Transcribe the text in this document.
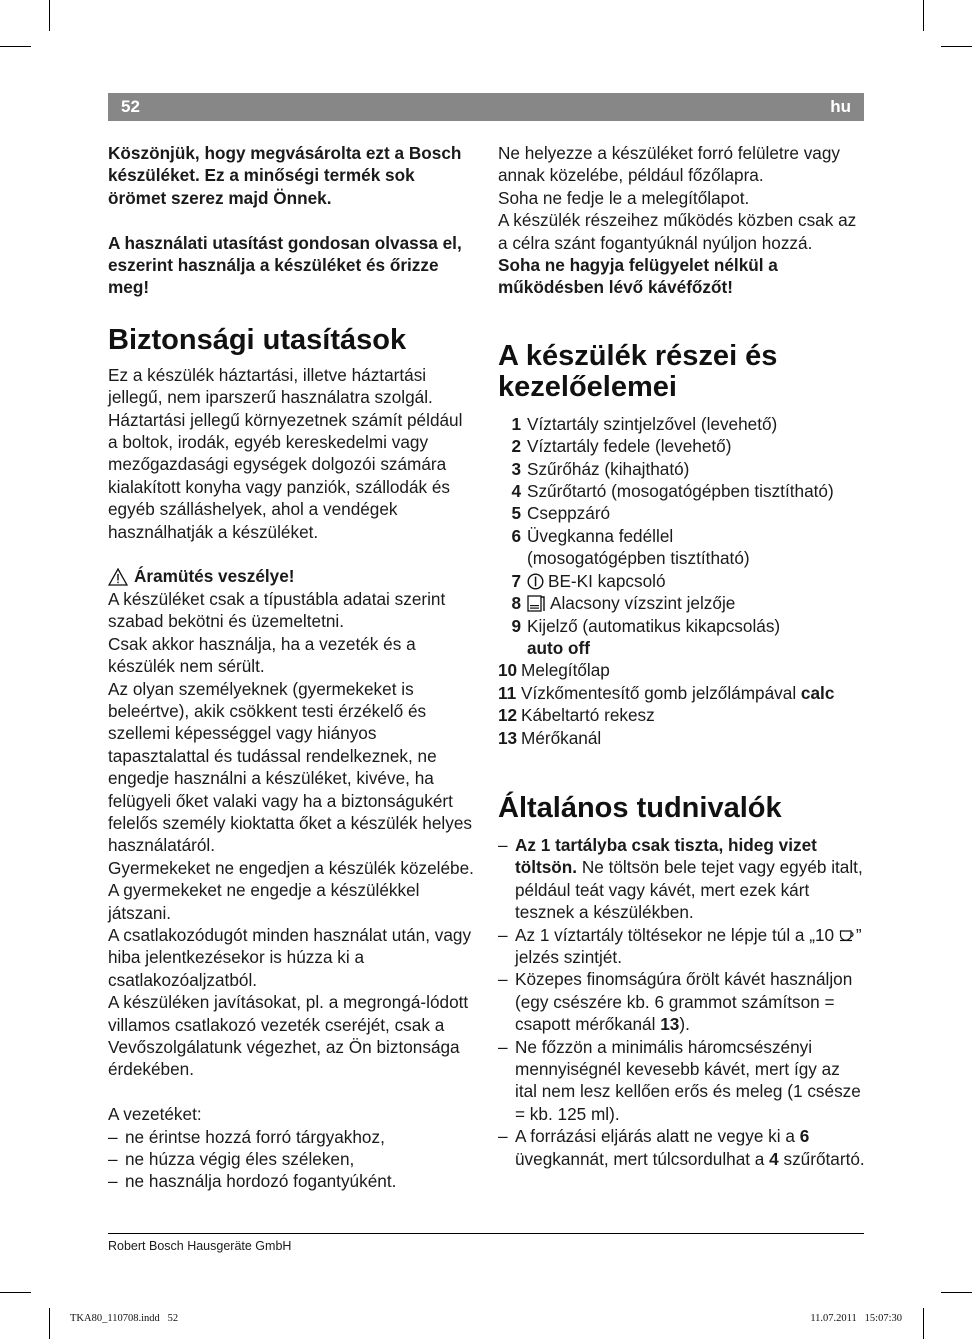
52	hu

Köszönjük, hogy megvásárolta ezt a Bosch készüléket. Ez a minőségi termék sok örömet szerez majd Önnek.

A használati utasítást gondosan olvassa el, eszerint használja a készüléket és őrizze meg!

Biztonsági utasítások

Ez a készülék háztartási, illetve háztartási jellegű, nem iparszerű használatra szolgál. Háztartási jellegű környezetnek számít például a boltok, irodák, egyéb kereskedelmi vagy mezőgazdasági egységek dolgozói számára kialakított konyha vagy panziók, szállodák és egyéb szálláshelyek, ahol a vendégek használhatják a készüléket.

Áramütés veszélye!

A készüléket csak a típustábla adatai szerint szabad bekötni és üzemeltetni.

Csak akkor használja, ha a vezeték és a készülék nem sérült.

Az olyan személyeknek (gyermekeket is beleértve), akik csökkent testi érzékelő és szellemi képességgel vagy hiányos tapasztalattal és tudással rendelkeznek, ne engedje használni a készüléket, kivéve, ha felügyeli őket valaki vagy ha a biztonságukért felelős személy kioktatta őket a készülék helyes használatáról.

Gyermekeket ne engedjen a készülék közelébe. A gyermekeket ne engedje a készülékkel játszani.

A csatlakozódugót minden használat után, vagy hiba jelentkezésekor is húzza ki a csatlakozóaljzatból.

A készüléken javításokat, pl. a megrongá-lódott villamos csatlakozó vezeték cseréjét, csak a Vevőszolgálatunk végezhet, az Ön biztonsága érdekében.

A vezetéket:

– ne érintse hozzá forró tárgyakhoz,
– ne húzza végig éles széleken,
– ne használja hordozó fogantyúként.

Ne helyezze a készüléket forró felületre vagy annak közelébe, például főzőlapra.

Soha ne fedje le a melegítőlapot.

A készülék részeihez működés közben csak az a célra szánt fogantyúknál nyúljon hozzá.

Soha ne hagyja felügyelet nélkül a működésben lévő kávéfőzőt!

A készülék részei és kezelőelemei
1 Víztartály szintjelzővel (levehető)
2 Víztartály fedele (levehető)
3 Szűrőház (kihajtható)
4 Szűrőtartó (mosogatógépben tisztítható)
5 Cseppzáró
6 Üvegkanna fedéllel
(mosogatógépben tisztítható)
7	BE-KI kapcsoló
8	Alacsony vízszint jelzője
9 Kijelző (automatikus kikapcsolás)
auto off
10 Melegítőlap
11 Vízkőmentesítő gomb jelzőlámpával calc
12 Kábeltartó rekesz
13 Mérőkanál
Általános tudnivalók
– Az 1 tartályba csak tiszta, hideg vizet töltsön. Ne töltsön bele tejet vagy egyéb italt, például teát vagy kávét, mert ezek kárt tesznek a készülékben.
– Az 1 víztartály töltésekor ne lépje túl a „10 ” jelzés szintjét.
– Közepes finomságúra őrölt kávét használjon (egy csészére kb. 6 grammot számítson = csapott mérőkanál 13).
– Ne főzzön a minimális háromcsészényi mennyiségnél kevesebb kávét, mert így az ital nem lesz kellően erős és meleg (1 csésze = kb. 125 ml).
– A forrázási eljárás alatt ne vegye ki a 6 üvegkannát, mert túlcsordulhat a 4 szűrőtartó.
Robert Bosch Hausgeräte GmbH
TKA80_110708.indd   52	11.07.2011   15:07:30
